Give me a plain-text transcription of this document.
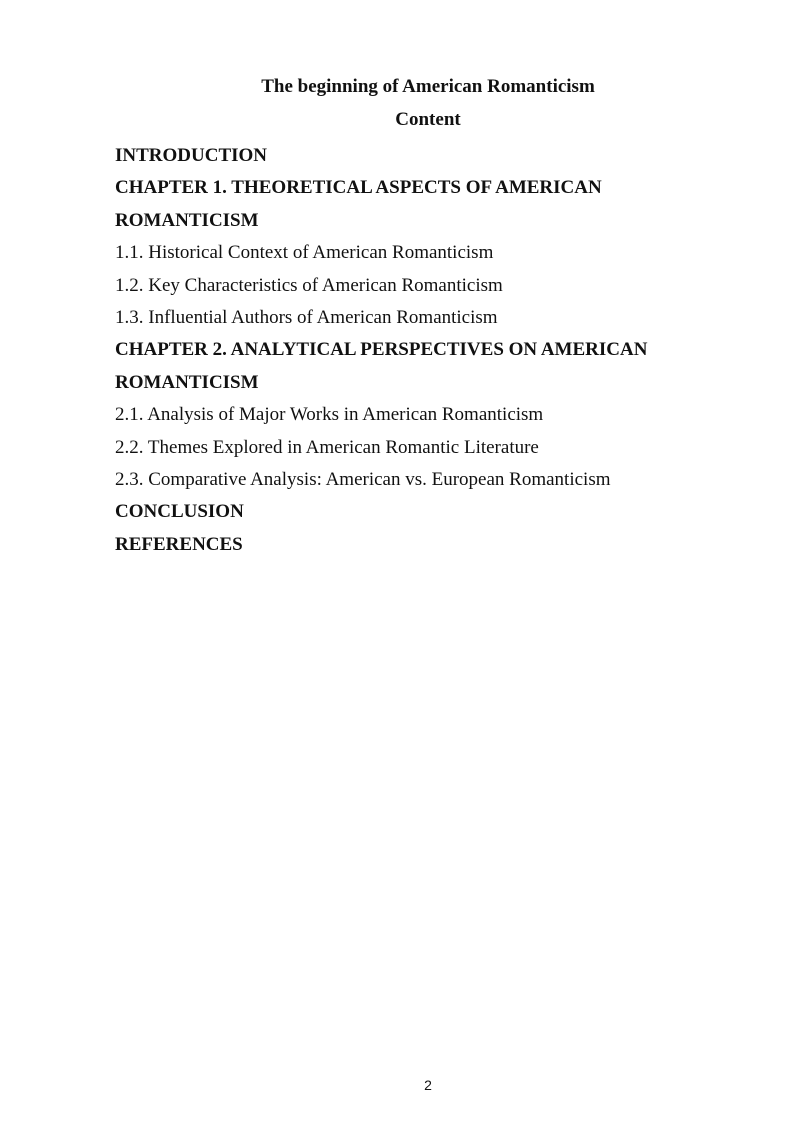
The beginning of American Romanticism
Content
INTRODUCTION
CHAPTER 1. THEORETICAL ASPECTS OF AMERICAN
ROMANTICISM
1.1. Historical Context of American Romanticism
1.2. Key Characteristics of American Romanticism
1.3. Influential Authors of American Romanticism
CHAPTER 2. ANALYTICAL PERSPECTIVES ON AMERICAN
ROMANTICISM
2.1. Analysis of Major Works in American Romanticism
2.2. Themes Explored in American Romantic Literature
2.3. Comparative Analysis: American vs. European Romanticism
CONCLUSION
REFERENCES
2
